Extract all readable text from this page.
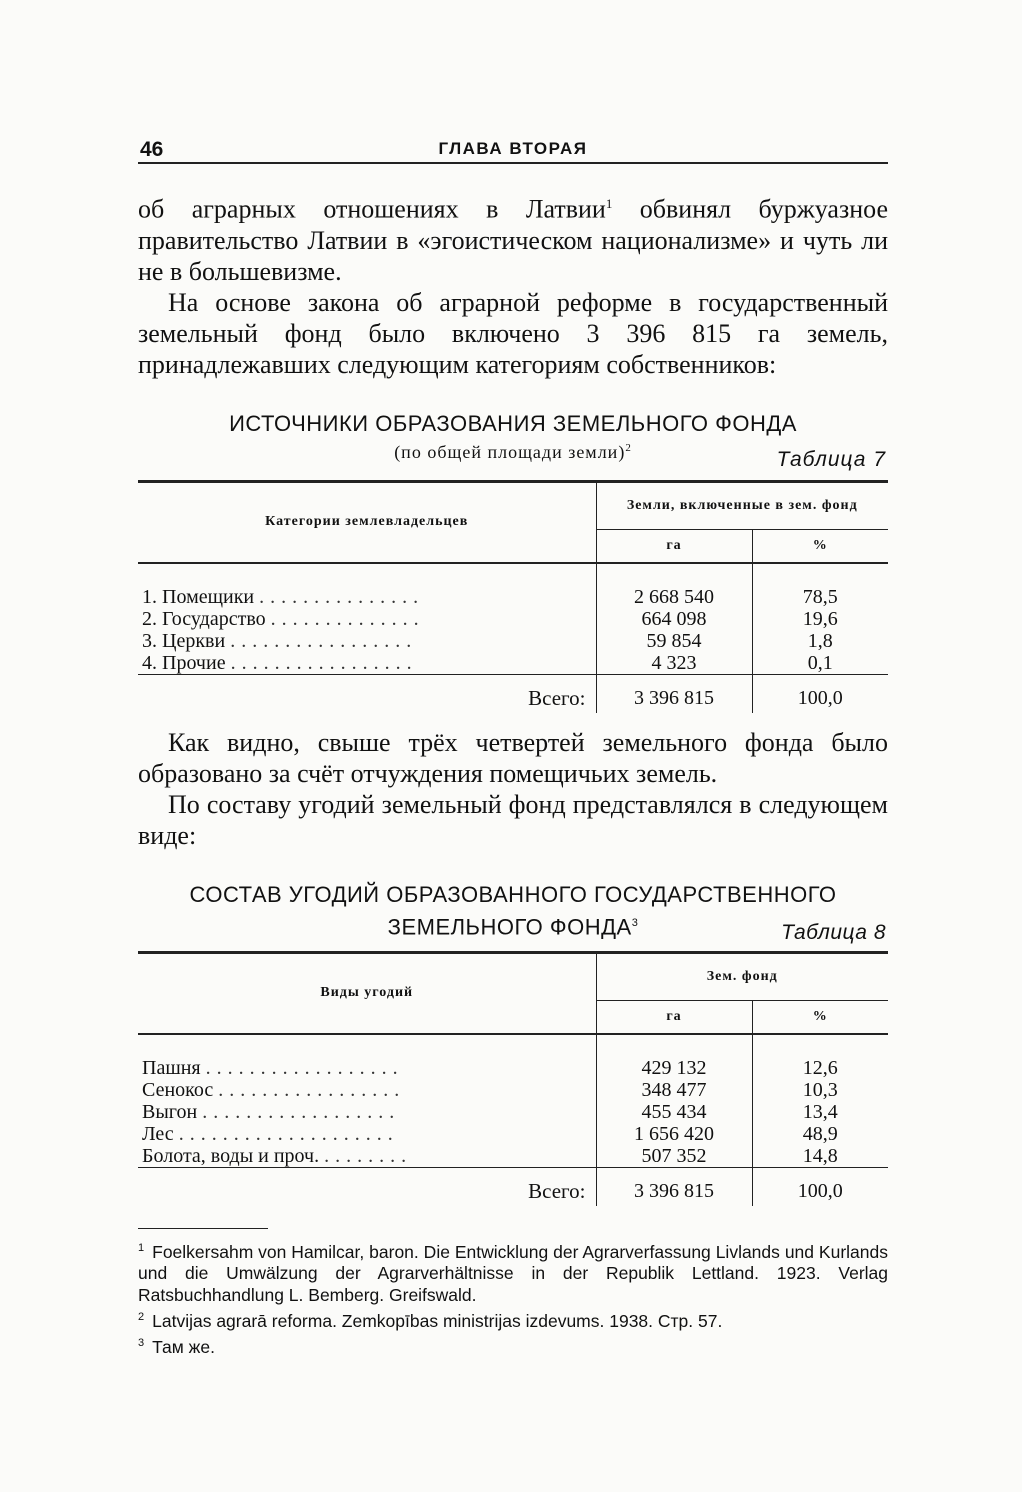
46	ГЛАВА ВТОРАЯ

об аграрных отношениях в Латвии$^1$ обвинял буржуазное правительство Латвии в «эгоистическом национализме» и чуть ли не в большевизме.

На основе закона об аграрной реформе в государственный земельный фонд было включено 3 396 815 га земель, принадлежавших следующим категориям собственников:

ИСТОЧНИКИ ОБРАЗОВАНИЯ ЗЕМЕЛЬНОГО ФОНДА
(по общей площади земли)$^2$	Таблица 7
Категории землевладельцев	Земли, включенные в зем. фонд	
	га	%

1. Помещики ...............	2 668 540	78,5
2. Государство ..............	664 098	19,6
3. Церкви .................	59 854	1,8
4. Прочие .................	4 323	0,1
Всего:	3 396 815	100,0

Как видно, свыше трёх четвертей земельного фонда было образовано за счёт отчуждения помещичьих земель.

По составу угодий земельный фонд представлялся в следующем виде:

СОСТАВ УГОДИЙ ОБРАЗОВАННОГО ГОСУДАРСТВЕННОГО
ЗЕМЕЛЬНОГО ФОНДА$^3$	Таблица 8
Виды угодий	Зем. фонд	
	га	%

Пашня ..................	429 132	12,6
Сенокос .................	348 477	10,3
Выгон ..................	455 434	13,4
Лес ....................	1 656 420	48,9
Болота, воды и проч. ........	507 352	14,8
Всего:	3 396 815	100,0

$^1$ Foelkersahm von Hamilcar, baron. Die Entwicklung der Agrarverfassung Livlands und Kurlands und die Umwälzung der Agrarverhältnisse in der Republik Lettland. 1923. Verlag Ratsbuchhandlung L. Bemberg. Greifswald.

$^2$ Latvijas agrarā reforma. Zemkopības ministrijas izdevums. 1938. Стр. 57.

$^3$ Там же.
